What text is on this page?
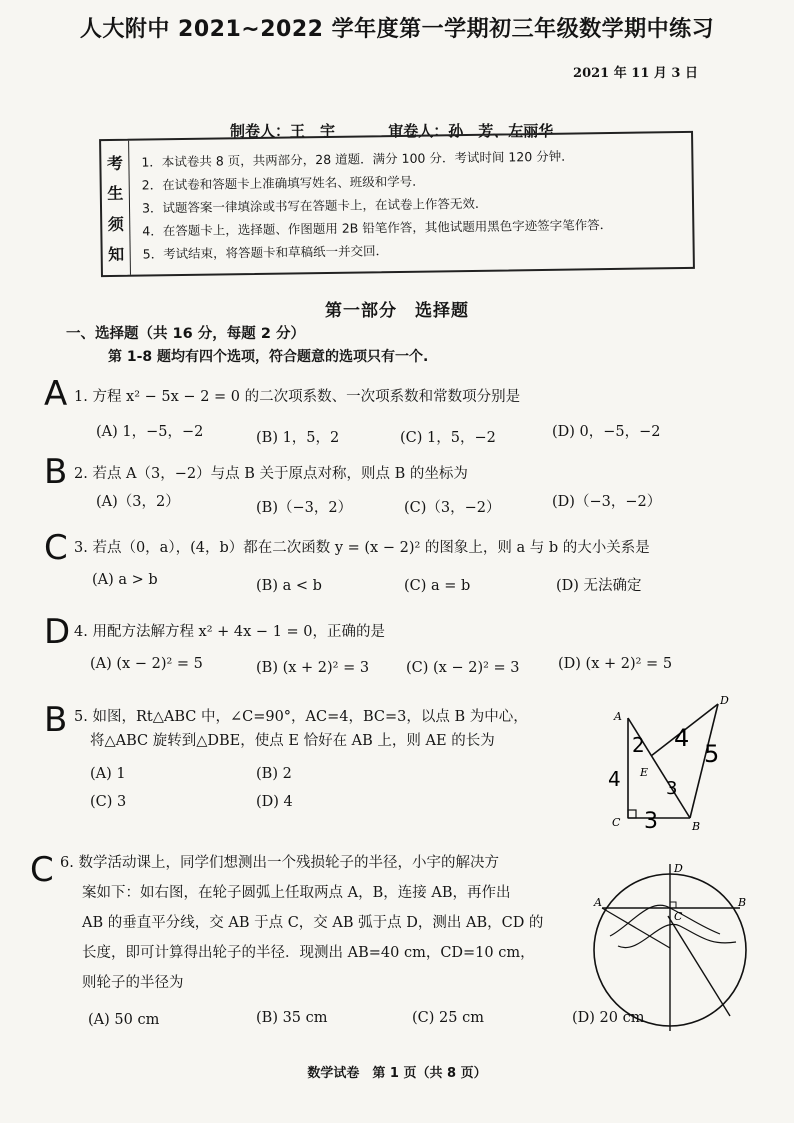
人大附中 2021~2022 学年度第一学期初三年级数学期中练习
2021 年 11 月 3 日
制卷人：王　宇	审卷人：孙　芳、左丽华
考
生
须
知
1．本试卷共 8 页，共两部分，28 道题．满分 100 分．考试时间 120 分钟．
2．在试卷和答题卡上准确填写姓名、班级和学号．
3．试题答案一律填涂或书写在答题卡上，在试卷上作答无效．
4．在答题卡上，选择题、作图题用 2B 铅笔作答，其他试题用黑色字迹签字笔作答．
5．考试结束，将答题卡和草稿纸一并交回．
第一部分　选择题
一、选择题（共 16 分，每题 2 分）
第 1-8 题均有四个选项，符合题意的选项只有一个.
A 1. 方程 x² − 5x − 2 = 0 的二次项系数、一次项系数和常数项分别是
(A) 1，−5，−2	(B) 1，5，2	(C) 1，5，−2	(D) 0，−5，−2
B 2. 若点 A（3，−2）与点 B 关于原点对称，则点 B 的坐标为
(A)（3，2）	(B)（−3，2）	(C)（3，−2）	(D)（−3，−2）
C 3. 若点（0，a），(4，b）都在二次函数 y = (x − 2)² 的图象上，则 a 与 b 的大小关系是
(A) a > b	(B) a < b	(C) a = b	(D) 无法确定
D 4. 用配方法解方程 x² + 4x − 1 = 0，正确的是
(A) (x − 2)² = 5	(B) (x + 2)² = 3	(C) (x − 2)² = 3	(D) (x + 2)² = 5
B 5. 如图，Rt△ABC 中，∠C=90°，AC=4，BC=3，以点 B 为中心，
将△ABC 旋转到△DBE，使点 E 恰好在 AB 上，则 AE 的长为
(A) 1	(B) 2
(C) 3	(D) 4
A
B
C
D
E
2 4
5
4	3
3
C 6. 数学活动课上，同学们想测出一个残损轮子的半径，小宇的解决方
案如下：如右图，在轮子圆弧上任取两点 A，B，连接 AB，再作出
AB 的垂直平分线，交 AB 于点 C，交 AB 弧于点 D，测出 AB，CD 的
长度，即可计算得出轮子的半径．现测出 AB=40 cm，CD=10 cm，
则轮子的半径为
(A) 50 cm	(B) 35 cm	(C) 25 cm	(D) 20 cm
A	B
C
D
数学试卷　第 1 页（共 8 页）
